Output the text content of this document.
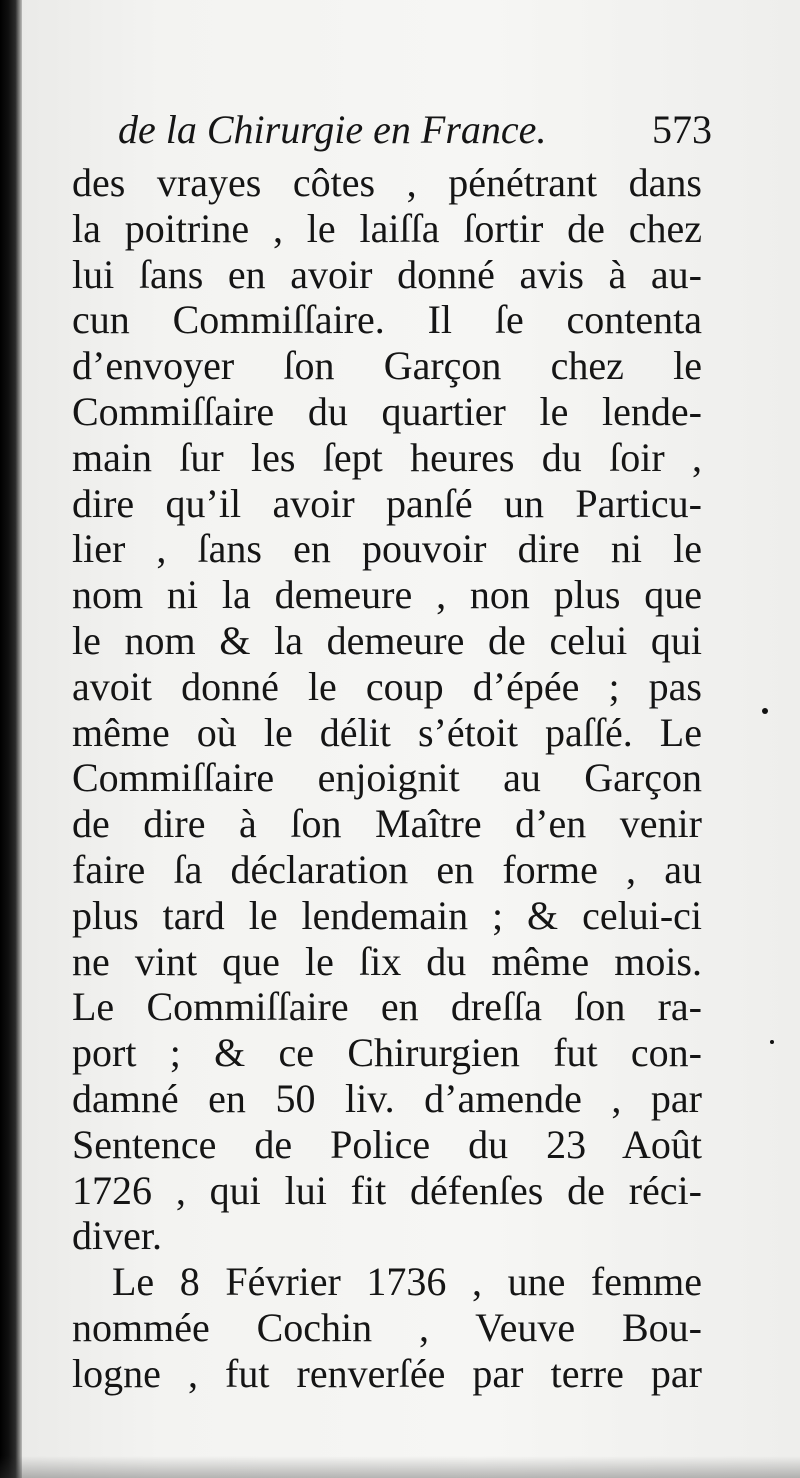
de la Chirurgie en France.	573
des vrayes côtes , pénétrant dans
la poitrine , le laiſſa ſortir de chez
lui ſans en avoir donné avis à au-
cun Commiſſaire. Il ſe contenta
d’envoyer ſon Garçon chez le
Commiſſaire du quartier le lende-
main ſur les ſept heures du ſoir ,
dire qu’il avoir panſé un Particu-
lier , ſans en pouvoir dire ni le
nom ni la demeure , non plus que
le nom & la demeure de celui qui
avoit donné le coup d’épée ; pas
même où le délit s’étoit paſſé. Le
Commiſſaire enjoignit au Garçon
de dire à ſon Maître d’en venir
faire ſa déclaration en forme , au
plus tard le lendemain ; & celui-ci
ne vint que le ſix du même mois.
Le Commiſſaire en dreſſa ſon ra-
port ; & ce Chirurgien fut con-
damné en 50 liv. d’amende , par
Sentence de Police du 23 Août
1726 , qui lui fit défenſes de réci-
diver.
Le 8 Février 1736 , une femme
nommée Cochin , Veuve Bou-
logne , fut renverſée par terre par
